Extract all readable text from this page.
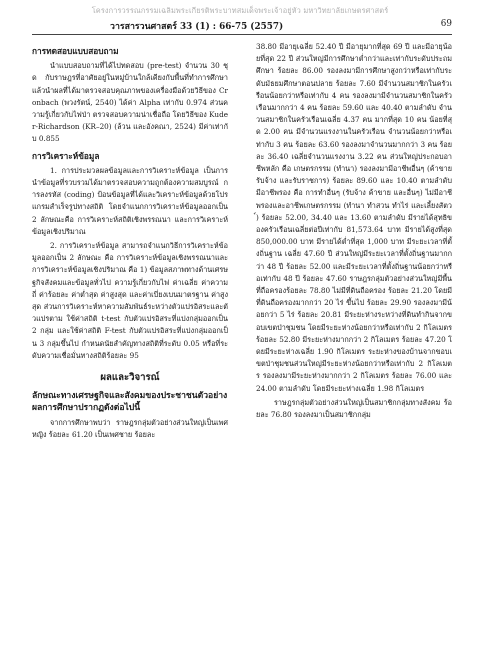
โครงการวรรณกรรมเฉลิมพระเกียรติพระบาทสมเด็จพระเจ้าอยู่หัว มหาวิทยาลัยเกษตรศาสตร์
วารสารวนศาสตร์ 33 (1) : 66-75 (2557)	69
การทดสอบแบบสอบถาม

นำแบบสอบถามที่ได้ไปทดสอบ (pre-test) จำนวน 30 ชุด กับราษฎรที่อาศัยอยู่ในหมู่บ้านใกล้เคียงกับพื้นที่ทำการศึกษา แล้วนำผลที่ได้มาตรวจสอบคุณภาพของเครื่องมือด้วยวิธีของ Cronbach (พวงรัตน์, 2540) ได้ค่า Alpha เท่ากับ 0.974 ส่วนความรู้เกี่ยวกับไฟป่า ตรวจสอบความน่าเชื่อถือ โดยวิธีของ Kuder-Richardson (KR–20) (ล้วน และอังคณา, 2524) มีค่าเท่ากับ 0.855

การวิเคราะห์ข้อมูล

1. การประมวลผลข้อมูลและการวิเคราะห์ข้อมูล เป็นการนำข้อมูลที่รวบรวมได้มาตรวจสอบความถูกต้องความสมบูรณ์ การลงรหัส (coding) ป้อนข้อมูลที่ได้และวิเคราะห์ข้อมูลด้วยโปรแกรมสำเร็จรูปทางสถิติ โดยจำแนกการวิเคราะห์ข้อมูลออกเป็น 2 ลักษณะคือ การวิเคราะห์สถิติเชิงพรรณนา และการวิเคราะห์ข้อมูลเชิงปริมาณ

2. การวิเคราะห์ข้อมูล สามารถจำแนกวิธีการวิเคราะห์ข้อมูลออกเป็น 2 ลักษณะ คือ การวิเคราะห์ข้อมูลเชิงพรรณนาและการวิเคราะห์ข้อมูลเชิงปริมาณ คือ 1) ข้อมูลสภาพทางด้านเศรษฐกิจสังคมและข้อมูลทั่วไป ความรู้เกี่ยวกับไฟ ค่าเฉลี่ย ค่าความถี่ ค่าร้อยละ ค่าต่ำสุด ค่าสูงสุด และค่าเบี่ยงเบนมาตรฐาน ค่าสูงสุด ส่วนการวิเคราะห์หาความสัมพันธ์ระหว่างตัวแปรอิสระและตัวแปรตาม ใช้ค่าสถิติ t-test กับตัวแปรอิสระที่แบ่งกลุ่มออกเป็น 2 กลุ่ม และใช้ค่าสถิติ F-test กับตัวแปรอิสระที่แบ่งกลุ่มออกเป็น 3 กลุ่มขึ้นไป กำหนดนัยสำคัญทางสถิติที่ระดับ 0.05 หรือที่ระดับความเชื่อมั่นทางสถิติร้อยละ 95

ผลและวิจารณ์
ลักษณะทางเศรษฐกิจและสังคมของประชาชนตัวอย่าง ผลการศึกษาปรากฏดังต่อไปนี้

จากการศึกษาพบว่า ราษฎรกลุ่มตัวอย่างส่วนใหญ่เป็นเพศหญิง ร้อยละ 61.20 เป็นเพศชาย ร้อยละ

38.80 มีอายุเฉลี่ย 52.40 ปี มีอายุมากที่สุด 69 ปี และมีอายุน้อยที่สุด 22 ปี ส่วนใหญ่มีการศึกษาต่ำกว่าและเท่ากับระดับประถมศึกษา ร้อยละ 86.00 รองลงมามีการศึกษาสูงกว่าหรือเท่ากับระดับมัธยมศึกษาตอนปลาย ร้อยละ 7.60 มีจำนวนสมาชิกในครัวเรือนน้อยกว่าหรือเท่ากับ 4 คน รองลงมามีจำนวนสมาชิกในครัวเรือนมากกว่า 4 คน ร้อยละ 59.60 และ 40.40 ตามลำดับ จำนวนสมาชิกในครัวเรือนเฉลี่ย 4.37 คน มากที่สุด 10 คน น้อยที่สุด 2.00 คน มีจำนวนแรงงานในครัวเรือน จำนวนน้อยกว่าหรือเท่ากับ 3 คน ร้อยละ 63.60 รองลงมาจำนวนมากกว่า 3 คน ร้อยละ 36.40 เฉลี่ยจำนวนแรงงาน 3.22 คน ส่วนใหญ่ประกอบอาชีพหลัก คือ เกษตรกรรม (ทำนา) รองลงมามีอาชีพอื่นๆ (ค้าขาย รับจ้าง และรับราชการ) ร้อยละ 89.60 และ 10.40 ตามลำดับ มีอาชีพรอง คือ การทำอื่นๆ (รับจ้าง ค้าขาย และอื่นๆ) ไม่มีอาชีพรองและอาชีพเกษตรกรรม (ทำนา ทำสวน ทำไร่ และเลี้ยงสัตว์) ร้อยละ 52.00, 34.40 และ 13.60 ตามลำดับ มีรายได้สุทธิของครัวเรือนเฉลี่ยต่อปีเท่ากับ 81,573.64 บาท มีรายได้สูงที่สุด 850,000.00 บาท มีรายได้ต่ำที่สุด 1,000 บาท มีระยะเวลาที่ตั้งถิ่นฐาน เฉลี่ย 47.60 ปี ส่วนใหญ่มีระยะเวลาที่ตั้งถิ่นฐานมากกว่า 48 ปี ร้อยละ 52.00 และมีระยะเวลาที่ตั้งถิ่นฐานน้อยกว่าหรือเท่ากับ 48 ปี ร้อยละ 47.60 ราษฎรกลุ่มตัวอย่างส่วนใหญ่มีพื้นที่ถือครองร้อยละ 78.80 ไม่มีที่ดินถือครอง ร้อยละ 21.20 โดยมีที่ดินถือครองมากกว่า 20 ไร่ ขึ้นไป ร้อยละ 29.90 รองลงมามีน้อยกว่า 5 ไร่ ร้อยละ 20.81 มีระยะห่างระหว่างที่ดินทำกินจากขอบเขตป่าชุมชน โดยมีระยะห่างน้อยกว่าหรือเท่ากับ 2 กิโลเมตร ร้อยละ 52.80 มีระยะห่างมากกว่า 2 กิโลเมตร ร้อยละ 47.20 โดยมีระยะห่างเฉลี่ย 1.90 กิโลเมตร ระยะห่างของบ้านจากขอบเขตป่าชุมชนส่วนใหญ่มีระยะห่างน้อยกว่าหรือเท่ากับ 2 กิโลเมตร รองลงมามีระยะห่างมากกว่า 2 กิโลเมตร ร้อยละ 76.00 และ 24.00 ตามลำดับ โดยมีระยะห่างเฉลี่ย 1.98 กิโลเมตร

ราษฎรกลุ่มตัวอย่างส่วนใหญ่เป็นสมาชิกกลุ่มทางสังคม ร้อยละ 76.80 รองลงมาเป็นสมาชิกกลุ่ม
